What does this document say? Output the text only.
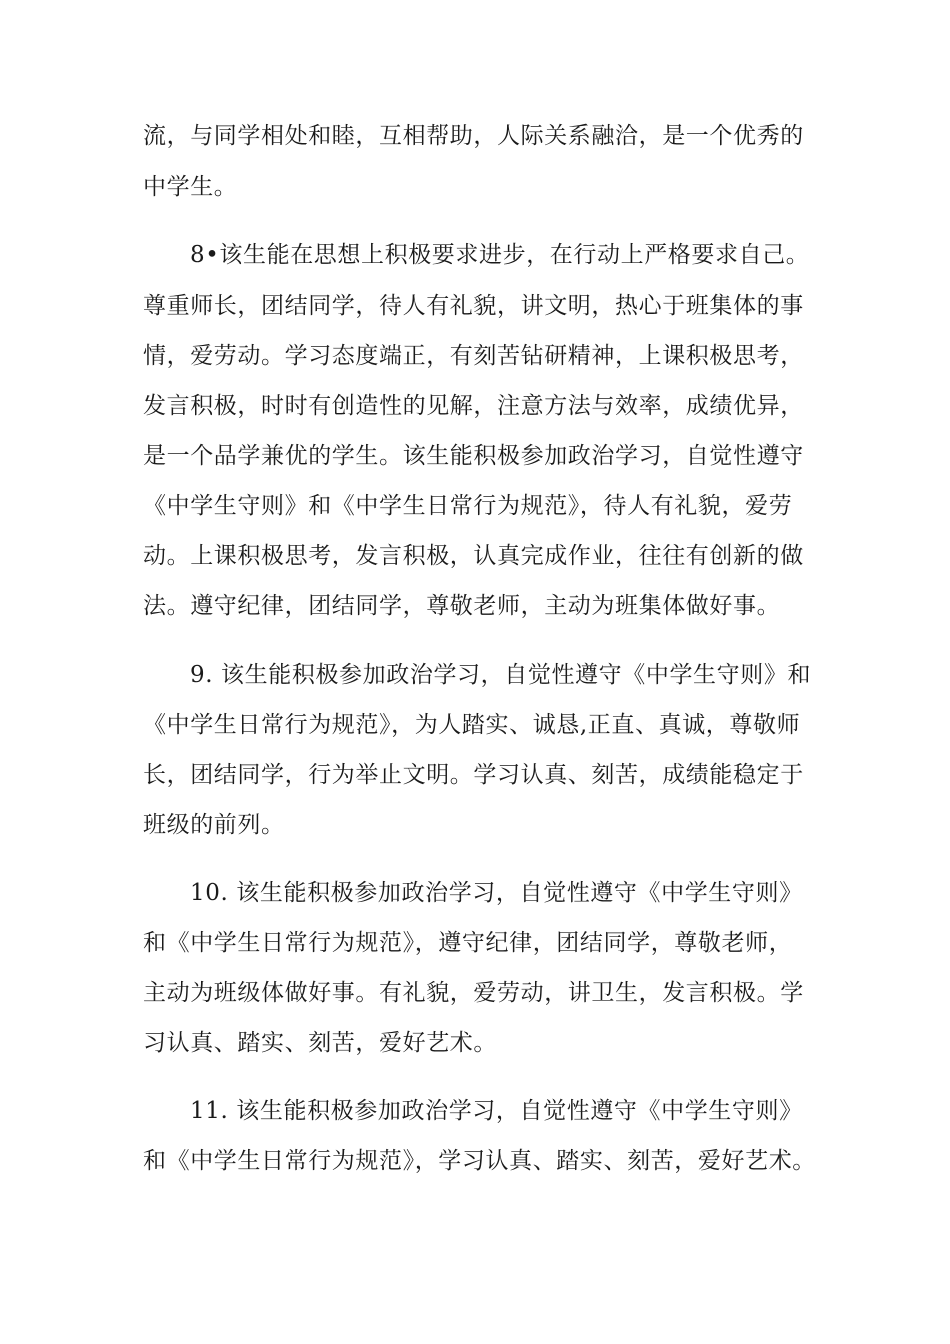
流，与同学相处和睦，互相帮助，人际关系融洽，是一个优秀的
中学生。
8•该生能在思想上积极要求进步，在行动上严格要求自己。
尊重师长，团结同学，待人有礼貌，讲文明，热心于班集体的事
情，爱劳动。学习态度端正，有刻苦钻研精神，上课积极思考，
发言积极，时时有创造性的见解，注意方法与效率，成绩优异，
是一个品学兼优的学生。该生能积极参加政治学习，自觉性遵守
《中学生守则》和《中学生日常行为规范》，待人有礼貌，爱劳
动。上课积极思考，发言积极，认真完成作业，往往有创新的做
法。遵守纪律，团结同学，尊敬老师，主动为班集体做好事。
9. 该生能积极参加政治学习，自觉性遵守《中学生守则》和
《中学生日常行为规范》，为人踏实、诚恳,正直、真诚，尊敬师
长，团结同学，行为举止文明。学习认真、刻苦，成绩能稳定于
班级的前列。
10. 该生能积极参加政治学习，自觉性遵守《中学生守则》
和《中学生日常行为规范》，遵守纪律，团结同学，尊敬老师，
主动为班级体做好事。有礼貌，爱劳动，讲卫生，发言积极。学
习认真、踏实、刻苦，爱好艺术。
11. 该生能积极参加政治学习，自觉性遵守《中学生守则》
和《中学生日常行为规范》，学习认真、踏实、刻苦，爱好艺术。
